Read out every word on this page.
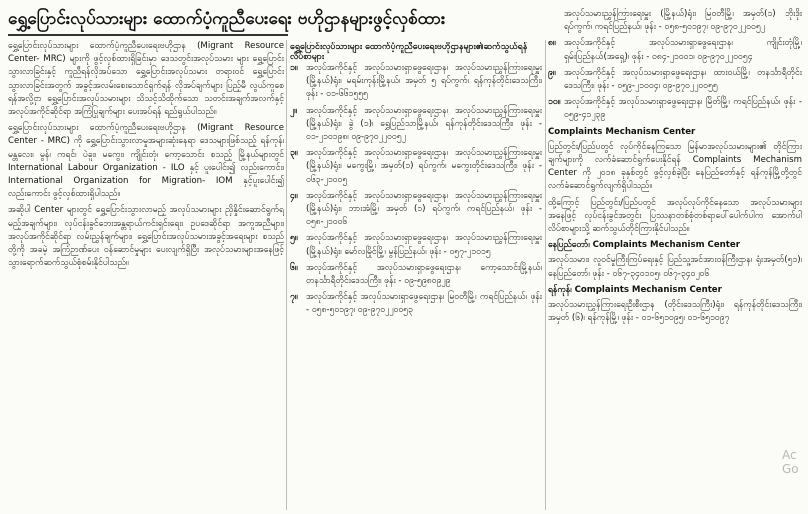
ရွှေ့ပြောင်းလုပ်သားများ ထောက်ပံ့ကူညီပေးရေး ဗဟိုဌာနများဖွင့်လှစ်ထား

ရွှေ့ပြောင်းလုပ်သားများ ထောက်ပံ့ကူညီပေးရေးဗဟိုဌာန (Migrant Resource Center- MRC) များကို ဖွင့်လှစ်ထားရှိခြင်းမှာ ဒေသတွင်းအလုပ်သမား များ ရွှေ့ပြောင်းသွားလာခြင်းနှင့် ကူညီရန်လိုအပ်သော ရွှေ့ပြောင်းအလုပ်သမား တရားဝင် ရွှေ့ပြောင်းသွားလာခြင်းအတွက် အခွင့်အလမ်းစေးသောင်ရှက်ရန် လိုအပ်ချက်များ ပြည့်မီ လွယ်ကူစေရန်အလို့ငှာ ရွှေ့ပြောင်းအလုပ်သမားများ သိသင့်သိထိုက်သော သတင်းအချက်အလက်နှင့် အလုပ်အကိုင်ဆိုင်ရာ အကြံပြုချက်များ ပေးအပ်ရန် ရည်ရွယ်ပါသည်။

ရွှေ့ပြောင်းလုပ်သားများ ထောက်ပံ့ကူညီပေးရေးဗဟိုဌာန (Migrant Resource Center - MRC) ကို ရွှေ့ပြောင်းသွားလာမှုအများဆုံးနေရာ ဒေသများဖြစ်သည့် ရန်ကုန်၊ မန္တလေး၊ မွန်၊ ကရင်၊ ပဲခူး၊ မကွေး၊ ကျိုင်းတုံ၊ ကော့သောင်း စသည့် မြို့နယ်များတွင် International Labour Organization - ILO နှင့် ပူးပေါင်း၍ လည်းကောင်း၊ International Organization for Migration- IOM နှင့်ပူးပေါင်း၍ လည်းကောင်း ဖွင့်လှစ်ထားရှိပါသည်။

အဆိုပါ Center များတွင် ရွှေ့ပြောင်းသွားလာမည့် အလုပ်သမားများ ညှိနှိုင်းဆောင်ရွက်ရမည့်အချက်များ၊ လုပ်ငန်းခွင်ဘေးအန္တရာယ်ကင်းရှင်းရေး၊ ဥပဒေဆိုင်ရာ အကူအညီများ၊ အလုပ်အကိုင်ဆိုင်ရာ လမ်းညွှန်ချက်များ၊ ရွှေ့ပြောင်းအလုပ်သမားအခွင့်အရေးများ စသည်တို့ကို အခမဲ့ အကြံဉာဏ်ပေး ဝန်ဆောင်မှုများ ပေးလျက်ရှိပြီး အလုပ်သမားများအနေဖြင့် သွားရောက်ဆက်သွယ်စုံစမ်းနိုင်ပါသည်။

ရွှေ့ပြောင်းလုပ်သားများ ထောက်ပံ့ကူညီပေးရေးဗဟိုဌာနများ၏ဆက်သွယ်ရန် လိပ်စာများ
၁။ အလုပ်အကိုင်နှင့် အလုပ်သမားရှာဖွေရေးဌာန၊ အလုပ်သမားညွှန်ကြားရေးမှူး (မြို့နယ်)ရုံး၊ မရမ်းကုန်းမြို့နယ်၊ အမှတ် ၅ ရပ်ကွက်၊ ရန်ကုန်တိုင်းဒေသကြီး၊ ဖုန်း - ၀၁-၆၆၁၅၅၅
၂။	အလုပ်အကိုင်နှင့် အလုပ်သမားရှာဖွေရေးဌာန၊ အလုပ်သမားညွှန်ကြားရေးမှူး (မြို့နယ်)ရုံး၊ ခွဲ (၁)၊ ရွှေပြည်သာမြို့နယ်၊ ရန်ကုန်တိုင်းဒေသကြီး၊ ဖုန်း - ၀၁-၂၁၀၁၉၈၊ ၀၉-၉၇၀၂၂၀၀၅၂
၃။ အလုပ်အကိုင်နှင့် အလုပ်သမားရှာဖွေရေးဌာန၊ အလုပ်သမားညွှန်ကြားရေးမှူး (မြို့နယ်)ရုံး၊ မကွေးမြို့၊ အမှတ်(၁) ရပ်ကွက်၊ မကွေးတိုင်းဒေသကြီး၊ ဖုန်း - ၀၆၃-၂၁၀၀၅
၄။ အလုပ်အကိုင်နှင့် အလုပ်သမားရှာဖွေရေးဌာန၊ အလုပ်သမားညွှန်ကြားရေးမှူး (မြို့နယ်)ရုံး၊ ဘားအံမြို့၊ အမှတ် (၁) ရပ်ကွက်၊ ကရင်ပြည်နယ်၊ ဖုန်း - ၀၅၈-၂၁၀၀၆
၅။ အလုပ်အကိုင်နှင့် အလုပ်သမားရှာဖွေရေးဌာန၊ အလုပ်သမားညွှန်ကြားရေးမှူး (မြို့နယ်)ရုံး၊ မော်လမြိုင်မြို့၊ မွန်ပြည်နယ်၊ ဖုန်း - ၀၅၇-၂၁၀၁၅
၆။ အလုပ်အကိုင်နှင့် အလုပ်သမားရှာဖွေရေးဌာန၊ ကော့သောင်းမြို့နယ်၊ တနင်္သာရီတိုင်းဒေသကြီး၊ ဖုန်း - ၀၉-၅၉၈၀၉၂၉
၇။ အလုပ်အကိုင်နှင့် အလုပ်သမားရှာဖွေရေးဌာန၊ မြဝတီမြို့၊ ကရင်ပြည်နယ်၊ ဖုန်း - ၀၅၈-၅၀၁၉၇၊ ၀၉-၉၇၀၂၂၀၀၅၃
အလုပ်သမားညွှန်ကြားရေးမှူး (မြို့နယ်)ရုံး၊ မြဝတီမြို့၊ အမှတ်(၁) ဘိုးဒိုးရပ်ကွက်၊ ကရင်ပြည်နယ်၊ ဖုန်း - ၀၅၈-၅၀၁၉၇၊ ၀၉-၉၇၀၂၂၀၀၅၂
၈။ အလုပ်အကိုင်နှင့် အလုပ်သမားရှာဖွေရေးဌာန၊ ကျိုင်းတုံမြို့၊ ရှမ်းပြည်နယ်(အရှေ့)၊ ဖုန်း - ၀၈၄-၂၁၀၀၁၊ ၀၉-၉၇၀၂၂၀၀၅၄
၉။ အလုပ်အကိုင်နှင့် အလုပ်သမားရှာဖွေရေးဌာန၊ ထားဝယ်မြို့၊ တနင်္သာရီတိုင်းဒေသကြီး၊ ဖုန်း - ၀၅၉-၂၁၀၀၄၊ ၀၉-၉၇၀၂၂၀၀၅၅
၁၀။ အလုပ်အကိုင်နှင့် အလုပ်သမားရှာဖွေရေးဌာန၊ မြိတ်မြို့၊ ကရင်ပြည်နယ်၊ ဖုန်း - ၀၅၉-၄၁၂၃၉
Complaints Mechanism Center

ပြည်တွင်း/ပြည်ပတွင် လုပ်ကိုင်နေကြသော မြန်မာအလုပ်သမားများ၏ တိုင်ကြားချက်များကို လက်ခံဆောင်ရွက်ပေးနိုင်ရန် Complaints Mechanism Center ကို ၂၀၁၈ ခုနှစ်တွင် ဖွင့်လှစ်ခဲ့ပြီး နေပြည်တော်နှင့် ရန်ကုန်မြို့တို့တွင် လက်ခံဆောင်ရွက်လျက်ရှိပါသည်။

ထို့ကြောင့် ပြည်တွင်း/ပြည်ပတွင် အလုပ်လုပ်ကိုင်နေသော အလုပ်သမားများအနေဖြင့် လုပ်ငန်းခွင်အတွင်း ပြဿနာတစ်စုံတစ်ရာပေါ်ပေါက်ပါက အောက်ပါလိပ်စာများသို့ ဆက်သွယ်တိုင်ကြားနိုင်ပါသည်။

နေပြည်တော်၊ Complaints Mechanism Center

အလုပ်သမား၊ လူဝင်မှုကြီးကြပ်ရေးနှင့် ပြည်သူ့အင်အားဝန်ကြီးဌာန၊ ရုံးအမှတ်(၅၁)၊ နေပြည်တော်၊ ဖုန်း - ၀၆၇-၃၄၀၁၀၅၊ ၀၆၇-၃၄၀၂၀၆

ရန်ကုန်၊ Complaints Mechanism Center

အလုပ်သမားညွှန်ကြားရေးဦးစီးဌာန (တိုင်းဒေသကြီး)ရုံး၊ ရန်ကုန်တိုင်းဒေသကြီး၊ အမှတ် (၆)၊ ရန်ကုန်မြို့၊ ဖုန်း - ၀၁-၆၅၁၀၉၅၊ ၀၁-၆၅၁၀၉၇

Ac Go
